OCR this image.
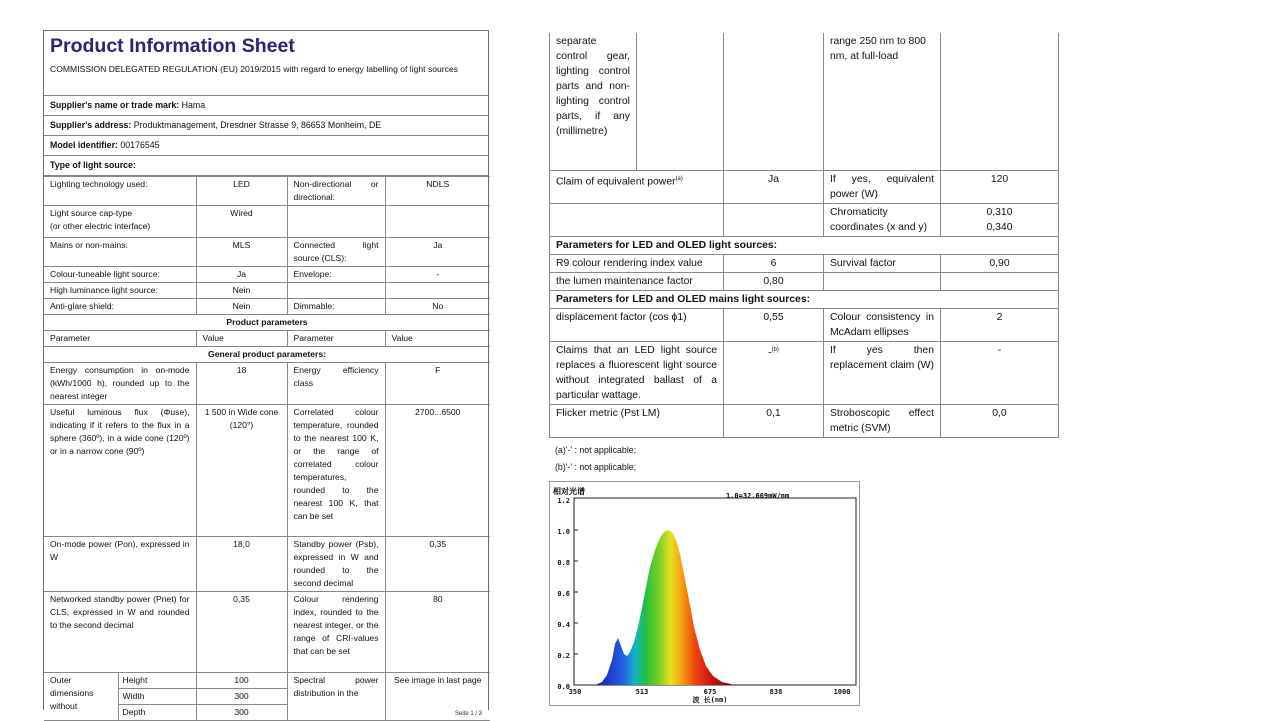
Product Information Sheet
COMMISSION DELEGATED REGULATION (EU) 2019/2015 with regard to energy labelling of light sources
Supplier's name or trade mark: Hama
Supplier's address: Produktmanagement, Dresdner Strasse 9, 86653 Monheim, DE
Model identifier: 00176545
Type of light source:
Lighting technology used:		LED	Non-directional or directional:	NDLS

Light source cap-type
(or other electric interface)		Wired		
Mains or non-mains:		MLS	Connected light source (CLS):	Ja
Colour-tuneable light source:		Ja	Envelope:	-
High luminance light source:		Nein		
Anti-glare shield:		Nein	Dimmable:	No
Product parameters				
Parameter		Value	Parameter	Value
General product parameters:				
Energy consumption in on-mode (kWh/1000 h), rounded up to the nearest integer		18	Energy efficiency class	F
Useful luminous flux (Φuse), indicating if it refers to the flux in a sphere (360º), in a wide cone (120º) or in a narrow cone (90º)		1 500 in Wide cone (120°)	Correlated colour temperature, rounded to the nearest 100 K, or the range of correlated colour temperatures, rounded to the nearest 100 K, that can be set	2700...6500
On-mode power (Pon), expressed in W		18,0	Standby power (Psb), expressed in W and rounded to the second decimal	0,35
Networked standby power (Pnet) for CLS, expressed in W and rounded to the second decimal		0,35	Colour rendering index, rounded to the nearest integer, or the range of CRI-values that can be set	80
Outer dimensions without	Height	100	Spectral power distribution in the	See image in last page
	Width	300		
	Depth	300			Seite 1 / 3
separate control gear, lighting control parts and non-lighting control parts, if any (millimetre)			range 250 nm to 800 nm, at full-load	
Claim of equivalent power$^{(a)}$		Ja	If yes, equivalent power (W)	120
			Chromaticity coordinates (x and y)	0,310
0,340

Parameters for LED and OLED light sources:				
R9 colour rendering index value		6	Survival factor	0,90
the lumen maintenance factor		0,80		
Parameters for LED and OLED mains light sources:				
displacement factor (cos ϕ1)		0,55	Colour consistency in McAdam ellipses	2
Claims that an LED light source replaces a fluorescent light source without integrated ballast of a particular wattage.		-$^{(b)}$	If yes then replacement claim (W)	-
Flicker metric (Pst LM)		0,1	Stroboscopic effect metric (SVM)	0,0
(a)'-' : not applicable;
(b)'-' : not applicable;
相对光谱	1.0=32.669mW/nm
1.2
1.0
0.8
0.6
0.4
0.2
0.0
350	513	675	838	1000
波 长(nm)
